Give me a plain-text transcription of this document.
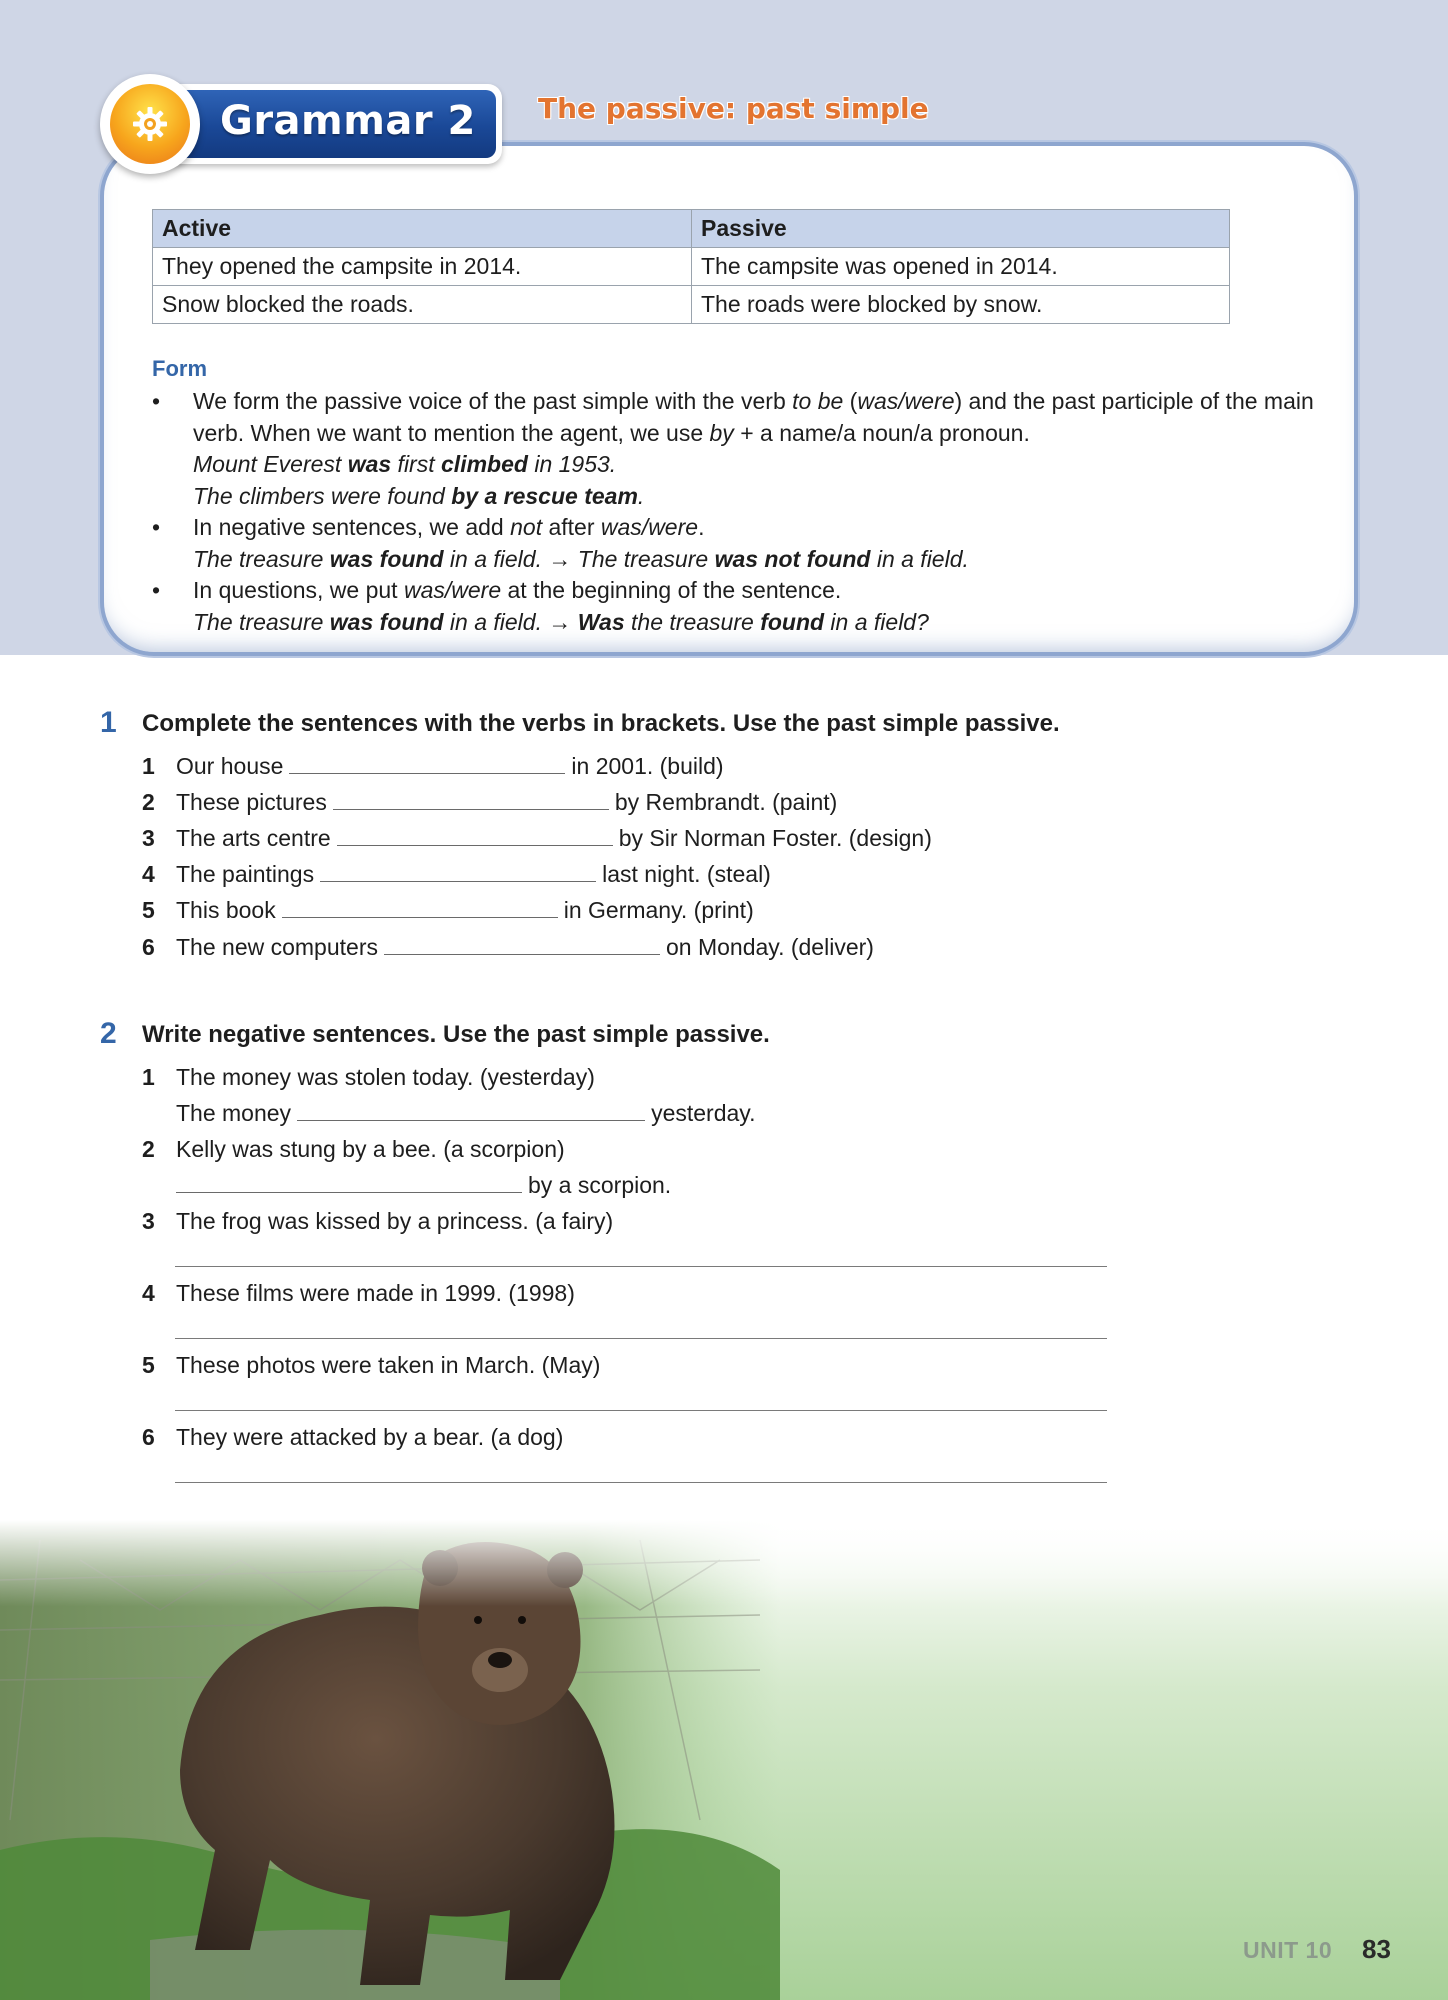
Grammar 2 The passive: past simple
Active	Passive
They opened the campsite in 2014.	The campsite was opened in 2014.
Snow blocked the roads.	The roads were blocked by snow.
Form
• We form the passive voice of the past simple with the verb to be (was/were) and the past participle of the main verb. When we want to mention the agent, we use by + a name/a noun/a pronoun.
Mount Everest was first climbed in 1953.
The climbers were found by a rescue team.
• In negative sentences, we add not after was/were.
The treasure was found in a field. → The treasure was not found in a field.
• In questions, we put was/were at the beginning of the sentence.
The treasure was found in a field. → Was the treasure found in a field?
1 Complete the sentences with the verbs in brackets. Use the past simple passive.
1 Our house	in 2001. (build)
2 These pictures	by Rembrandt. (paint)
3 The arts centre	by Sir Norman Foster. (design)
4 The paintings	last night. (steal)
5 This book	in Germany. (print)
6 The new computers	on Monday. (deliver)
2 Write negative sentences. Use the past simple passive.
1 The money was stolen today. (yesterday)
The money	yesterday.
2 Kelly was stung by a bee. (a scorpion)
by a scorpion.
3 The frog was kissed by a princess. (a fairy)
4 These films were made in 1999. (1998)
5 These photos were taken in March. (May)
6 They were attacked by a bear. (a dog)
UNIT 10 83
